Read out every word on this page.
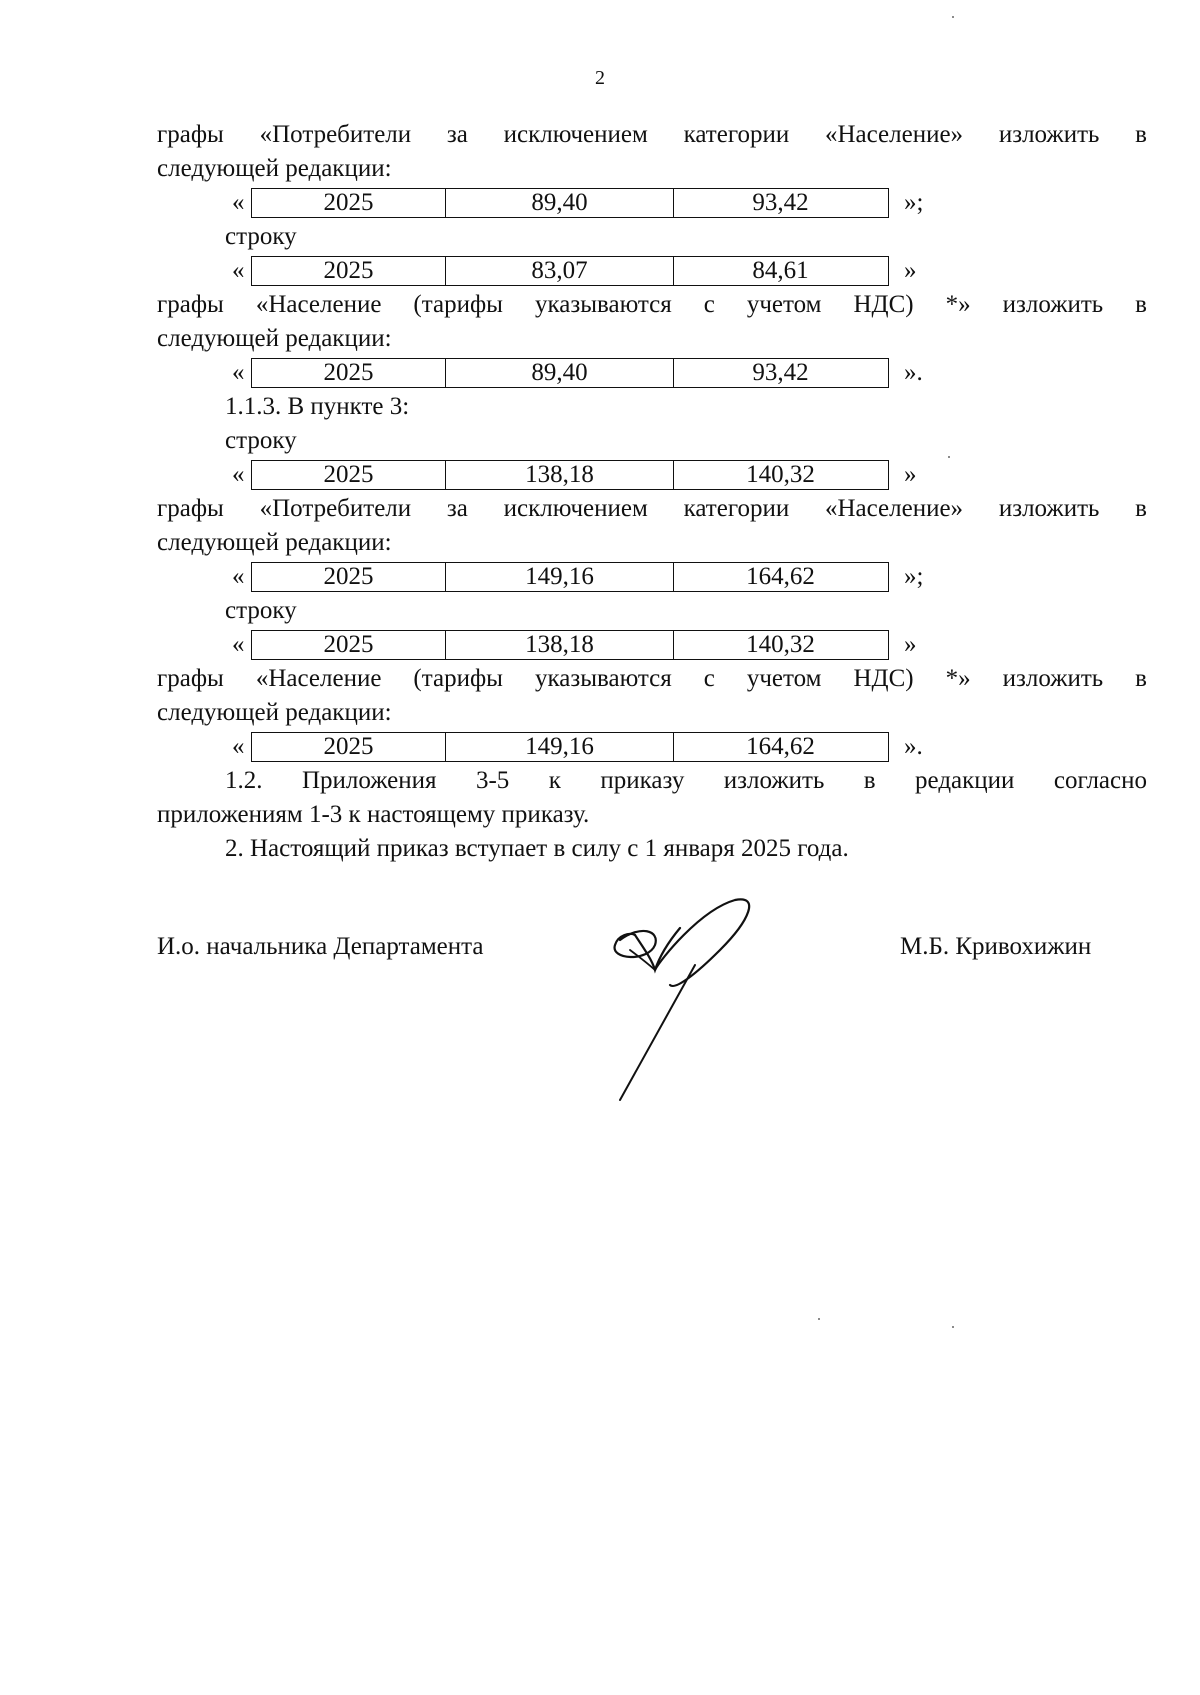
2
графы «Потребители за исключением категории «Население» изложить в
следующей редакции:
«	2025	89,40	93,42	»;
строку
«	2025	83,07	84,61	»
графы «Население (тарифы указываются с учетом НДС) *» изложить в
следующей редакции:
«	2025	89,40	93,42	».
1.1.3. В пункте 3:
строку
«	2025	138,18	140,32	»
графы «Потребители за исключением категории «Население» изложить в
следующей редакции:
«	2025	149,16	164,62	»;
строку
«	2025	138,18	140,32	»
графы «Население (тарифы указываются с учетом НДС) *» изложить в
следующей редакции:
«	2025	149,16	164,62	».
1.2. Приложения 3-5 к приказу изложить в редакции согласно
приложениям 1-3 к настоящему приказу.
2. Настоящий приказ вступает в силу с 1 января 2025 года.
И.о. начальника Департамента	М.Б. Кривохижин
